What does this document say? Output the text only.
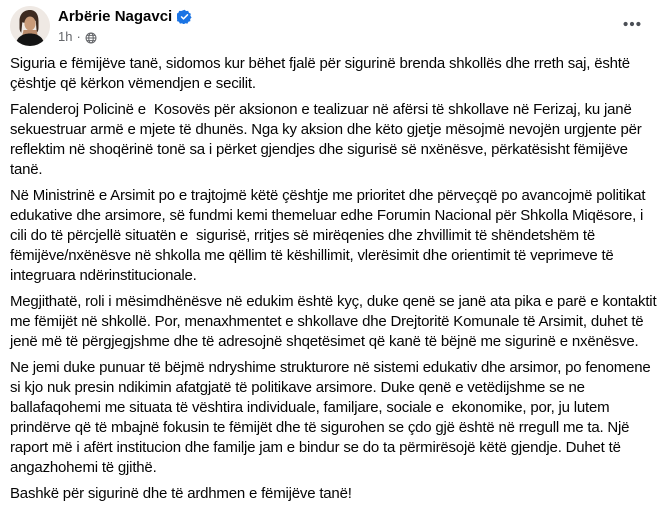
Arbërie Nagavci
1h ·

Siguria e fëmijëve tanë, sidomos kur bëhet fjalë për sigurinë brenda shkollës dhe rreth saj, është çështje që kërkon vëmendjen e secilit.

Falenderoj Policinë e  Kosovës për aksionon e tealizuar në afërsi të shkollave në Ferizaj, ku janë sekuestruar armë e mjete të dhunës. Nga ky aksion dhe këto gjetje mësojmë nevojën urgjente për reflektim në shoqërinë tonë sa i përket gjendjes dhe sigurisë së nxënësve, përkatësisht fëmijëve tanë.

Në Ministrinë e Arsimit po e trajtojmë këtë çështje me prioritet dhe përveçqë po avancojmë politikat edukative dhe arsimore, së fundmi kemi themeluar edhe Forumin Nacional për Shkolla Miqësore, i cili do të përcjellë situatën e  sigurisë, rritjes së mirëqenies dhe zhvillimit të shëndetshëm të fëmijëve/nxënësve në shkolla me qëllim të këshillimit, vlerësimit dhe orientimit të veprimeve të integruara ndërinstitucionale.

Megjithatë, roli i mësimdhënësve në edukim është kyç, duke qenë se janë ata pika e parë e kontaktit me fëmijët në shkollë. Por, menaxhmentet e shkollave dhe Drejtoritë Komunale të Arsimit, duhet të jenë më të përgjegjshme dhe të adresojnë shqetësimet që kanë të bëjnë me sigurinë e nxënësve.

Ne jemi duke punuar të bëjmë ndryshime strukturore në sistemi edukativ dhe arsimor, po fenomene si kjo nuk presin ndikimin afatgjatë të politikave arsimore. Duke qenë e vetëdijshme se ne ballafaqohemi me situata të vështira individuale, familjare, sociale e  ekonomike, por, ju lutem prindërve që të mbajnë fokusin te fëmijët dhe të sigurohen se çdo gjë është në rregull me ta. Një raport më i afërt institucion dhe familje jam e bindur se do ta përmirësojë këtë gjendje. Duhet të angazhohemi të gjithë.

Bashkë për sigurinë dhe të ardhmen e fëmijëve tanë!
